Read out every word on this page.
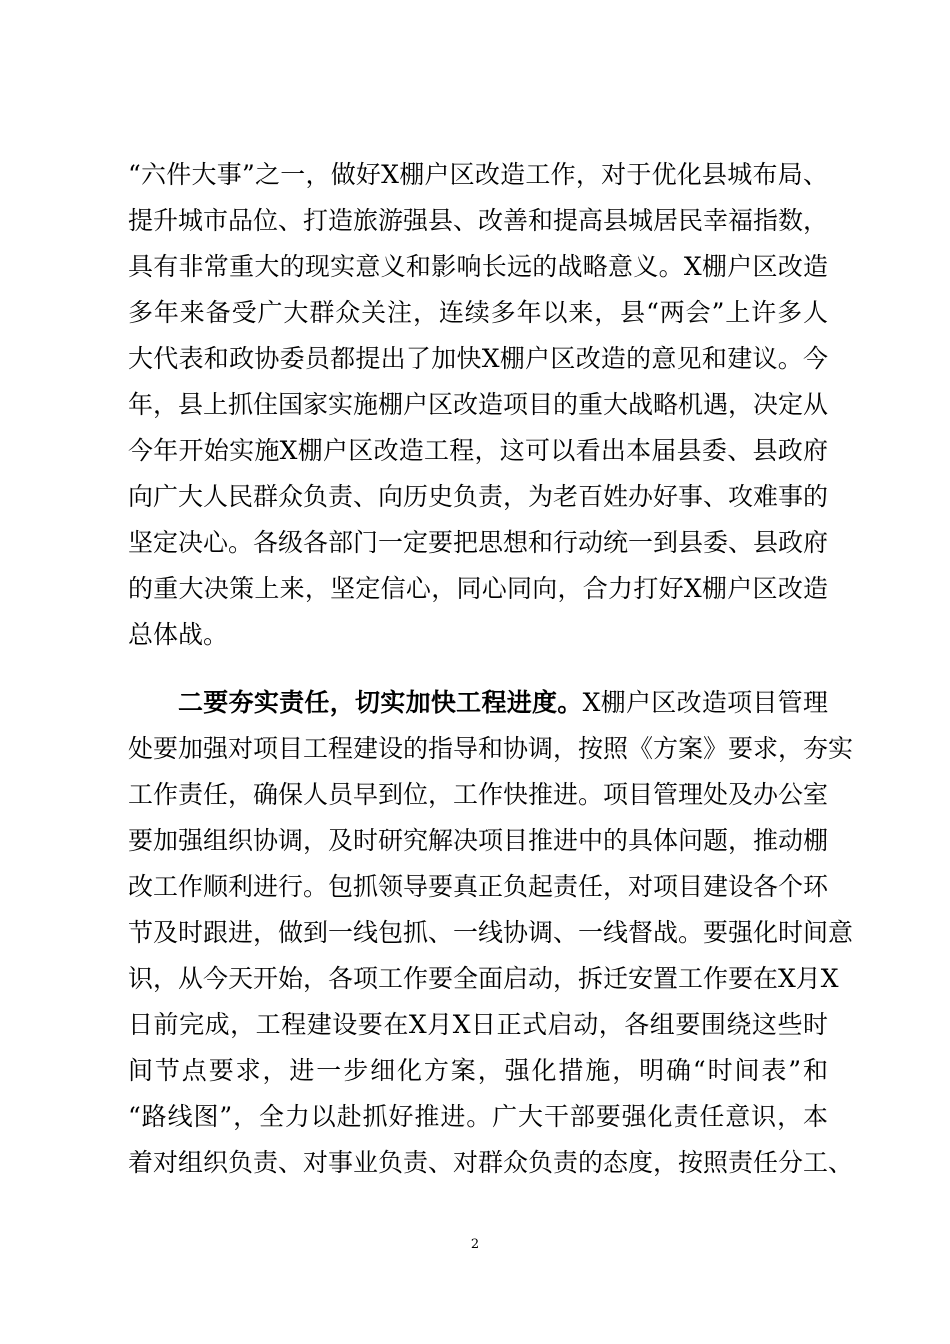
“六件大事”之一，做好X棚户区改造工作，对于优化县城布局、
提升城市品位、打造旅游强县、改善和提高县城居民幸福指数，
具有非常重大的现实意义和影响长远的战略意义。X棚户区改造
多年来备受广大群众关注，连续多年以来，县“两会”上许多人
大代表和政协委员都提出了加快X棚户区改造的意见和建议。今
年，县上抓住国家实施棚户区改造项目的重大战略机遇，决定从
今年开始实施X棚户区改造工程，这可以看出本届县委、县政府
向广大人民群众负责、向历史负责，为老百姓办好事、攻难事的
坚定决心。各级各部门一定要把思想和行动统一到县委、县政府
的重大决策上来，坚定信心，同心同向，合力打好X棚户区改造
总体战。
二要夯实责任，切实加快工程进度。X棚户区改造项目管理
处要加强对项目工程建设的指导和协调，按照《方案》要求，夯实
工作责任，确保人员早到位，工作快推进。项目管理处及办公室
要加强组织协调，及时研究解决项目推进中的具体问题，推动棚
改工作顺利进行。包抓领导要真正负起责任，对项目建设各个环
节及时跟进，做到一线包抓、一线协调、一线督战。要强化时间意
识，从今天开始，各项工作要全面启动，拆迁安置工作要在X月X
日前完成，工程建设要在X月X日正式启动，各组要围绕这些时
间节点要求，进一步细化方案，强化措施，明确“时间表”和
“路线图”，全力以赴抓好推进。广大干部要强化责任意识，本
着对组织负责、对事业负责、对群众负责的态度，按照责任分工、
2
